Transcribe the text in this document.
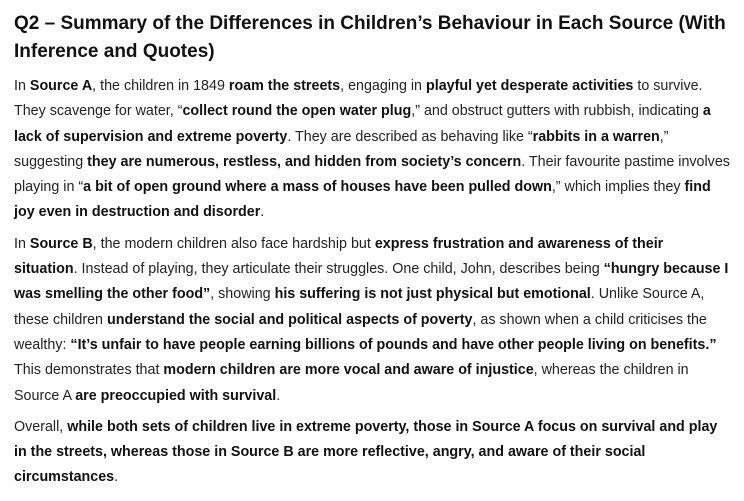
Q2 – Summary of the Differences in Children’s Behaviour in Each Source (With Inference and Quotes)

In Source A, the children in 1849 roam the streets, engaging in playful yet desperate activities to survive. They scavenge for water, “collect round the open water plug,” and obstruct gutters with rubbish, indicating a lack of supervision and extreme poverty. They are described as behaving like “rabbits in a warren,” suggesting they are numerous, restless, and hidden from society’s concern. Their favourite pastime involves playing in “a bit of open ground where a mass of houses have been pulled down,” which implies they find joy even in destruction and disorder.

In Source B, the modern children also face hardship but express frustration and awareness of their situation. Instead of playing, they articulate their struggles. One child, John, describes being “hungry because I was smelling the other food”, showing his suffering is not just physical but emotional. Unlike Source A, these children understand the social and political aspects of poverty, as shown when a child criticises the wealthy: “It’s unfair to have people earning billions of pounds and have other people living on benefits.” This demonstrates that modern children are more vocal and aware of injustice, whereas the children in Source A are preoccupied with survival.

Overall, while both sets of children live in extreme poverty, those in Source A focus on survival and play in the streets, whereas those in Source B are more reflective, angry, and aware of their social circumstances.
